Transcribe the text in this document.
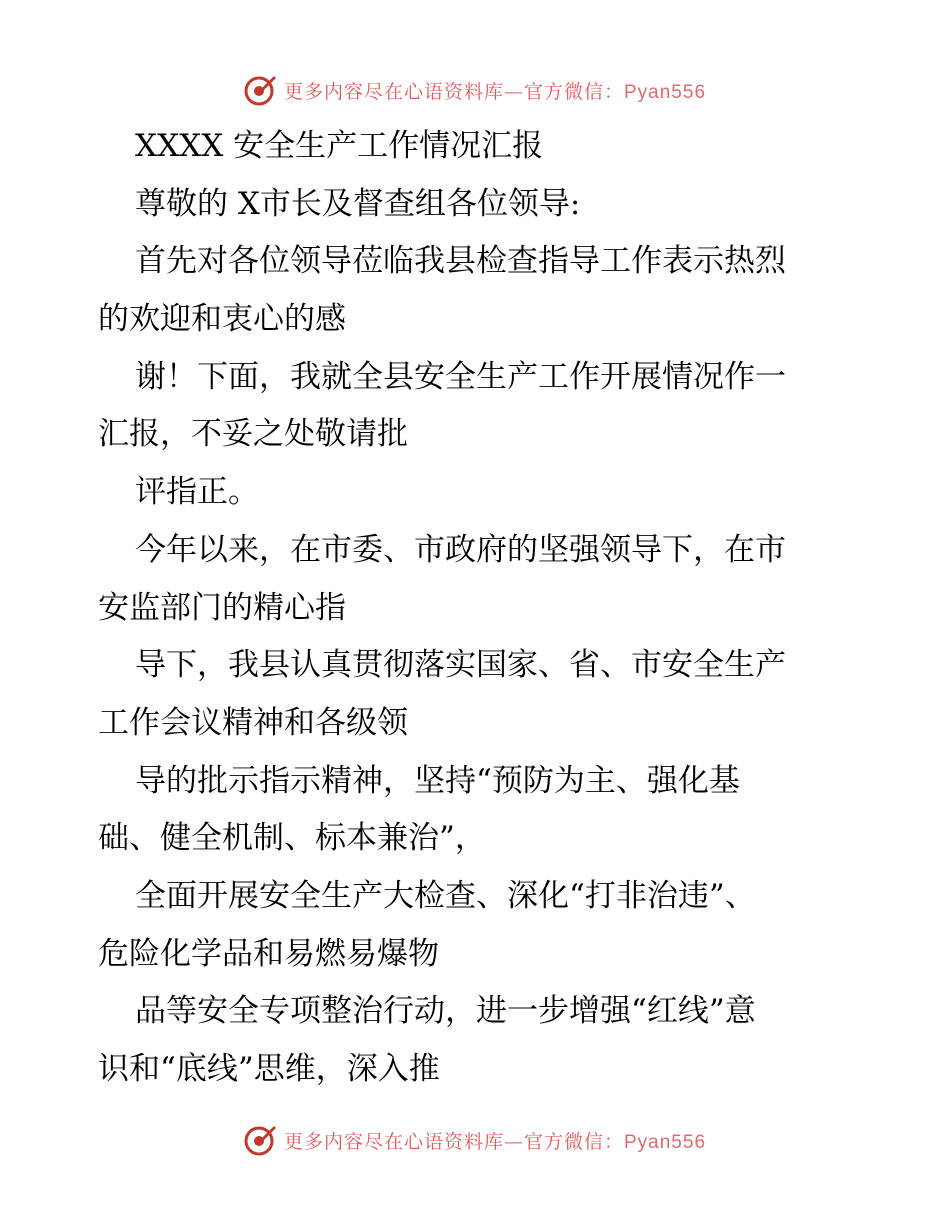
更多内容尽在心语资料库—官方微信：Pyan556
XXXX 安全生产工作情况汇报
尊敬的 X市长及督查组各位领导:
首先对各位领导莅临我县检查指导工作表示热烈
的欢迎和衷心的感
谢！下面，我就全县安全生产工作开展情况作一
汇报，不妥之处敬请批
评指正。
今年以来，在市委、市政府的坚强领导下，在市
安监部门的精心指
导下，我县认真贯彻落实国家、省、市安全生产
工作会议精神和各级领
导的批示指示精神，坚持“预防为主、强化基
础、健全机制、标本兼治”，
全面开展安全生产大检查、深化“打非治违”、
危险化学品和易燃易爆物
品等安全专项整治行动，进一步增强“红线”意
识和“底线”思维，深入推
更多内容尽在心语资料库—官方微信：Pyan556
